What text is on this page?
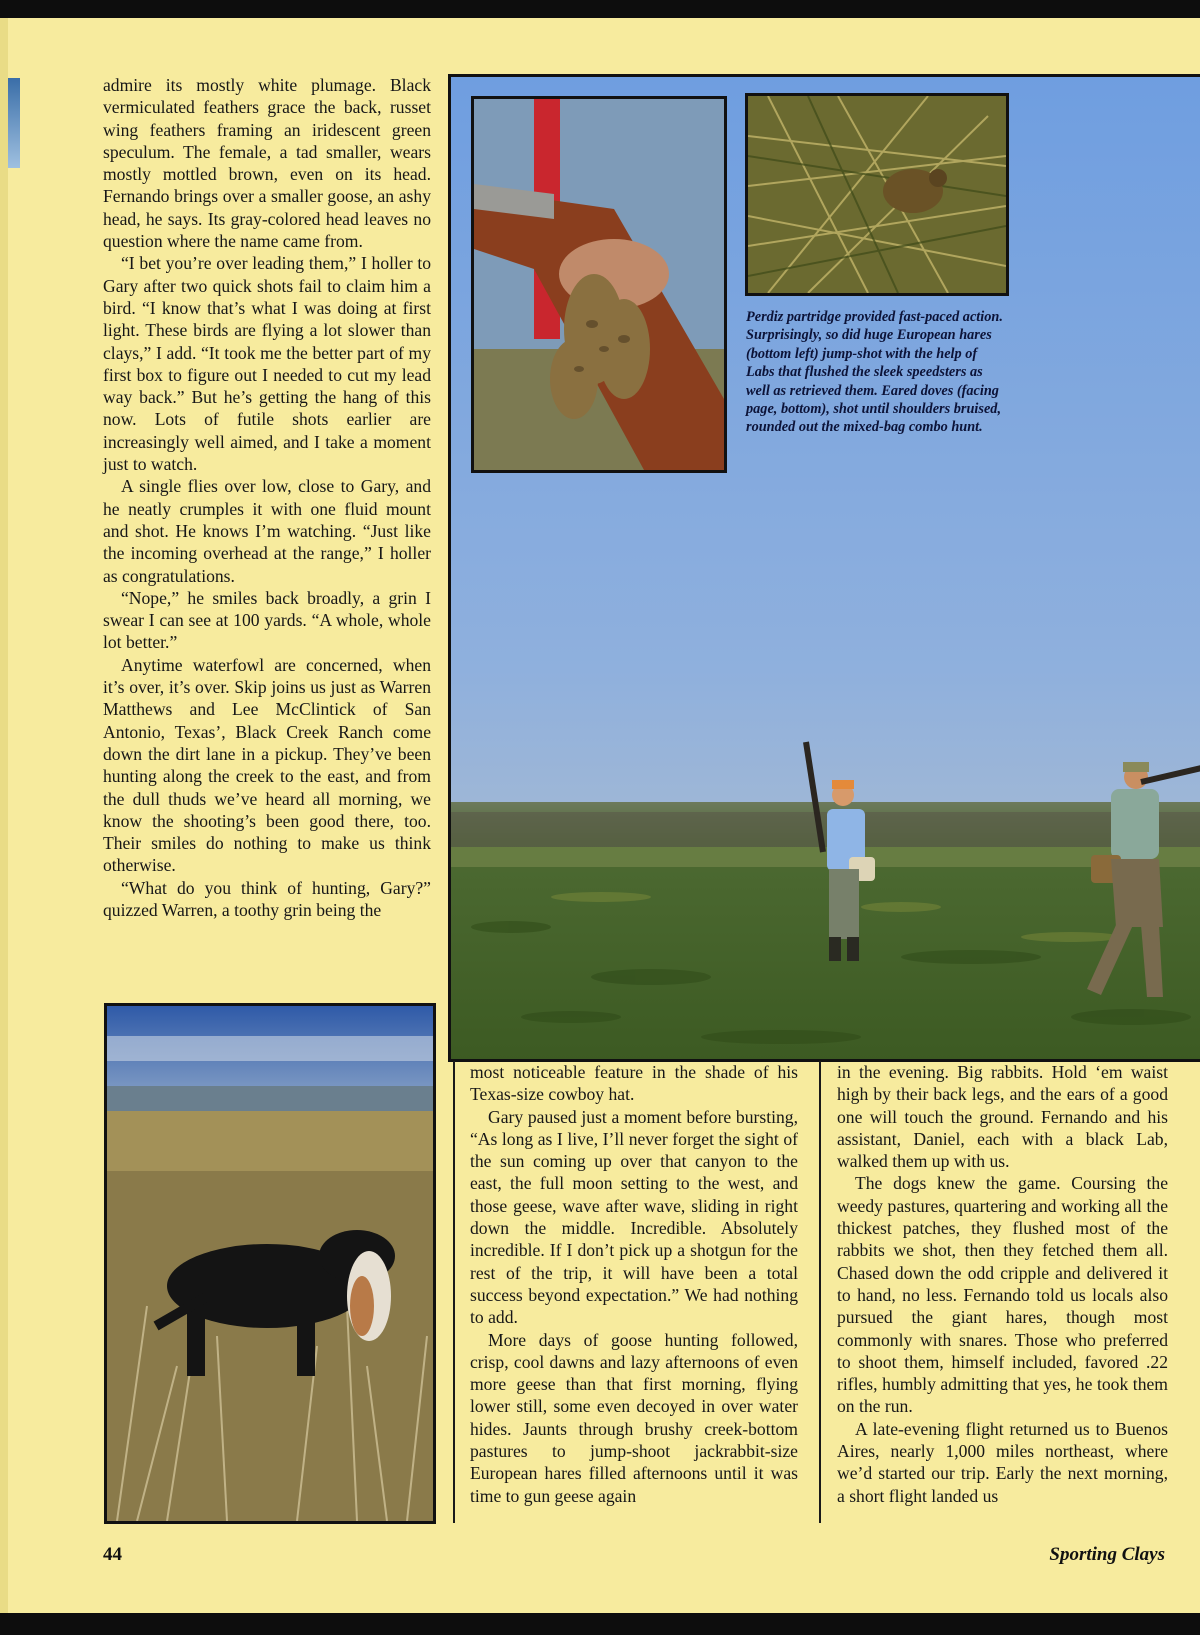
admire its mostly white plumage. Black vermiculated feathers grace the back, russet wing feathers framing an iridescent green speculum. The female, a tad smaller, wears mostly mottled brown, even on its head. Fernando brings over a smaller goose, an ashy head, he says. Its gray-colored head leaves no question where the name came from.

“I bet you’re over leading them,” I holler to Gary after two quick shots fail to claim him a bird. “I know that’s what I was doing at first light. These birds are flying a lot slower than clays,” I add. “It took me the better part of my first box to figure out I needed to cut my lead way back.” But he’s getting the hang of this now. Lots of futile shots earlier are increasingly well aimed, and I take a moment just to watch.

A single flies over low, close to Gary, and he neatly crumples it with one fluid mount and shot. He knows I’m watching. “Just like the incoming overhead at the range,” I holler as congratulations.

“Nope,” he smiles back broadly, a grin I swear I can see at 100 yards. “A whole, whole lot better.”

Anytime waterfowl are concerned, when it’s over, it’s over. Skip joins us just as Warren Matthews and Lee McClintick of San Antonio, Texas’, Black Creek Ranch come down the dirt lane in a pickup. They’ve been hunting along the creek to the east, and from the dull thuds we’ve heard all morning, we know the shooting’s been good there, too. Their smiles do nothing to make us think otherwise.

“What do you think of hunting, Gary?” quizzed Warren, a toothy grin being the

Perdiz partridge provided fast-paced action. Surprisingly, so did huge European hares (bottom left) jump-shot with the help of Labs that flushed the sleek speedsters as well as retrieved them. Eared doves (facing page, bottom), shot until shoulders bruised, rounded out the mixed-bag combo hunt.

most noticeable feature in the shade of his Texas-size cowboy hat.

Gary paused just a moment before bursting, “As long as I live, I’ll never forget the sight of the sun coming up over that canyon to the east, the full moon setting to the west, and those geese, wave after wave, sliding in right down the middle. Incredible. Absolutely incredible. If I don’t pick up a shotgun for the rest of the trip, it will have been a total success beyond expectation.” We had nothing to add.

More days of goose hunting followed, crisp, cool dawns and lazy afternoons of even more geese than that first morning, flying lower still, some even decoyed in over water hides. Jaunts through brushy creek-bottom pastures to jump-shoot jackrabbit-size European hares filled afternoons until it was time to gun geese again

in the evening. Big rabbits. Hold ‘em waist high by their back legs, and the ears of a good one will touch the ground. Fernando and his assistant, Daniel, each with a black Lab, walked them up with us.

The dogs knew the game. Coursing the weedy pastures, quartering and working all the thickest patches, they flushed most of the rabbits we shot, then they fetched them all. Chased down the odd cripple and delivered it to hand, no less. Fernando told us locals also pursued the giant hares, though most commonly with snares. Those who preferred to shoot them, himself included, favored .22 rifles, humbly admitting that yes, he took them on the run.

A late-evening flight returned us to Buenos Aires, nearly 1,000 miles northeast, where we’d started our trip. Early the next morning, a short flight landed us

44	Sporting Clays
